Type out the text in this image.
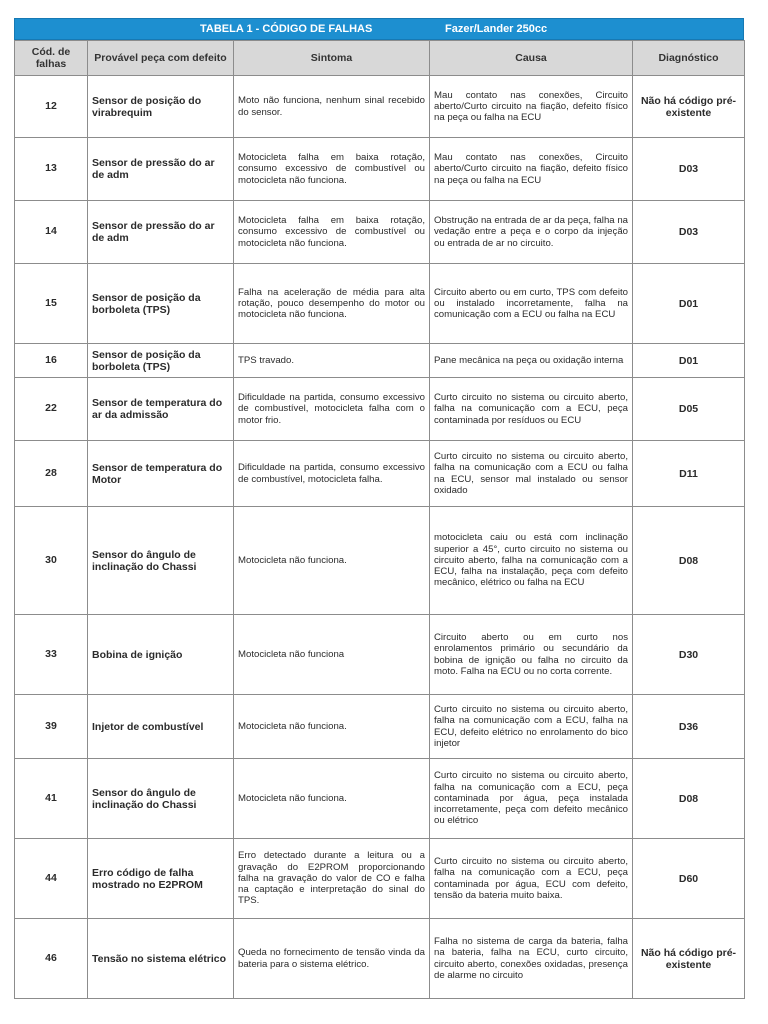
TABELA 1 - CÓDIGO DE FALHAS	Fazer/Lander 250cc
Cód. de falhas	Provável peça com defeito	Sintoma	Causa	Diagnóstico
12	Sensor de posição do virabrequim	Moto não funciona, nenhum sinal recebido do sensor.	Mau contato nas conexões, Circuito aberto/Curto circuito na fiação, defeito físico na peça ou falha na ECU	Não há código pré-existente
13	Sensor de pressão do ar de adm	Motocicleta falha em baixa rotação, consumo excessivo de combustível ou motocicleta não funciona.	Mau contato nas conexões, Circuito aberto/Curto circuito na fiação, defeito físico na peça ou falha na ECU	D03
14	Sensor de pressão do ar de adm	Motocicleta falha em baixa rotação, consumo excessivo de combustível ou motocicleta não funciona.	Obstrução na entrada de ar da peça, falha na vedação entre a peça e o corpo da injeção ou entrada de ar no circuito.	D03
15	Sensor de posição da borboleta (TPS)	Falha na aceleração de média para alta rotação, pouco desempenho do motor ou motocicleta não funciona.	Circuito aberto ou em curto, TPS com defeito ou instalado incorretamente, falha na comunicação com a ECU ou falha na ECU	D01
16	Sensor de posição da borboleta (TPS)	TPS travado.	Pane mecânica na peça ou oxidação interna	D01
22	Sensor de temperatura do ar da admissão	Dificuldade na partida, consumo excessivo de combustível, motocicleta falha com o motor frio.	Curto circuito no sistema ou circuito aberto, falha na comunicação com a ECU, peça contaminada por resíduos ou ECU	D05
28	Sensor de temperatura do Motor	Dificuldade na partida, consumo excessivo de combustível, motocicleta falha.	Curto circuito no sistema ou circuito aberto, falha na comunicação com a ECU ou falha na ECU, sensor mal instalado ou sensor oxidado	D11
30	Sensor do ângulo de inclinação do Chassi	Motocicleta não funciona.	motocicleta caiu ou está com inclinação superior a 45°, curto circuito no sistema ou circuito aberto, falha na comunicação com a ECU, falha na instalação, peça com defeito mecânico, elétrico ou falha na ECU	D08
33	Bobina de ignição	Motocicleta não funciona	Circuito aberto ou em curto nos enrolamentos primário ou secundário da bobina de ignição ou falha no circuito da moto. Falha na ECU ou no corta corrente.	D30
39	Injetor de combustível	Motocicleta não funciona.	Curto circuito no sistema ou circuito aberto, falha na comunicação com a ECU, falha na ECU, defeito elétrico no enrolamento do bico injetor	D36
41	Sensor do ângulo de inclinação do Chassi	Motocicleta não funciona.	Curto circuito no sistema ou circuito aberto, falha na comunicação com a ECU, peça contaminada por água, peça instalada incorretamente, peça com defeito mecânico ou elétrico	D08
44	Erro código de falha mostrado no E2PROM	Erro detectado durante a leitura ou a gravação do E2PROM proporcionando falha na gravação do valor de CO e falha na captação e interpretação do sinal do TPS.	Curto circuito no sistema ou circuito aberto, falha na comunicação com a ECU, peça contaminada por água, ECU com defeito, tensão da bateria muito baixa.	D60
46	Tensão no sistema elétrico	Queda no fornecimento de tensão vinda da bateria para o sistema elétrico.	Falha no sistema de carga da bateria, falha na bateria, falha na ECU, curto circuito, circuito aberto, conexões oxidadas, presença de alarme no circuito	Não há código pré-existente
